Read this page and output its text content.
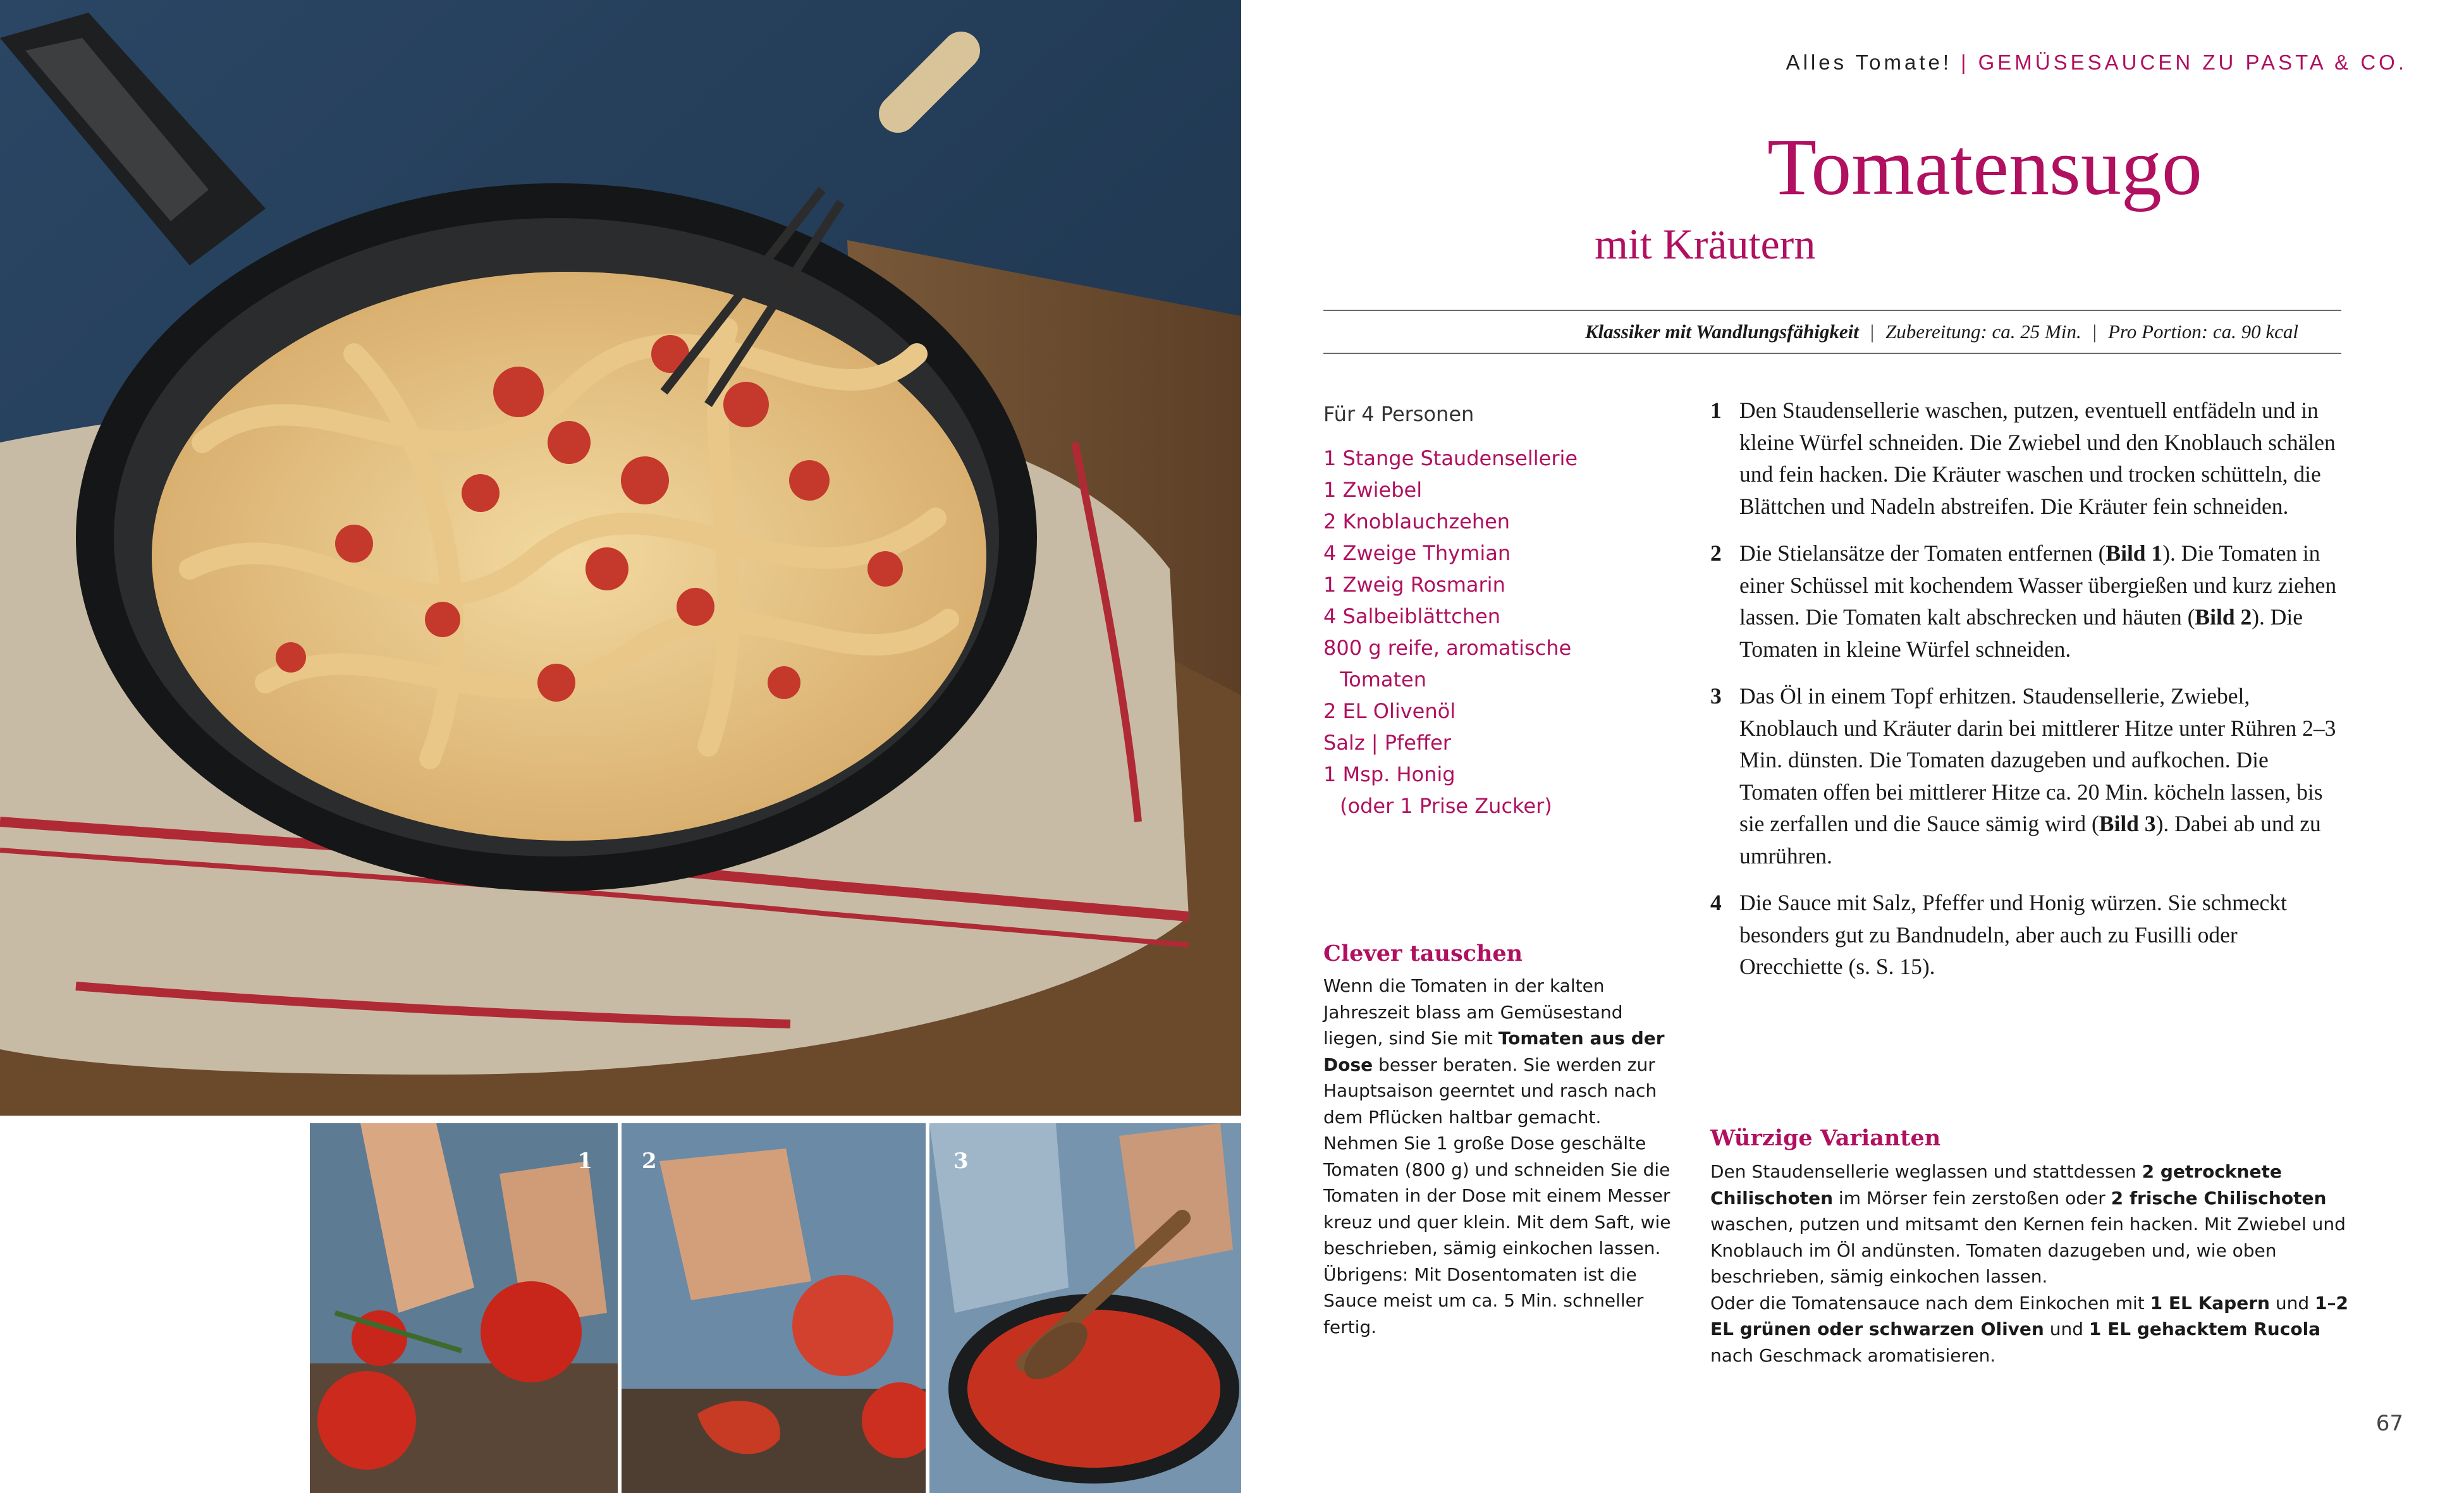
1 2	3
Alles Tomate! | GEMÜSESAUCEN ZU PASTA & CO.
Tomatensugo
mit Kräutern
Klassiker mit Wandlungsfähigkeit | Zubereitung: ca. 25 Min. | Pro Portion: ca. 90 kcal
Für 4 Personen
1 Stange Staudensellerie
1 Zwiebel
2 Knoblauchzehen
4 Zweige Thymian
1 Zweig Rosmarin
4 Salbeiblättchen
800 g reife, aromatische
Tomaten
2 EL Olivenöl
Salz | Pfeffer
1 Msp. Honig
(oder 1 Prise Zucker)
Clever tauschen
Wenn die Tomaten in der kalten Jahreszeit blass am Gemüsestand liegen, sind Sie mit Tomaten aus der Dose besser beraten. Sie werden zur Hauptsaison geerntet und rasch nach dem Pflücken haltbar gemacht. Nehmen Sie 1 große Dose geschälte Tomaten (800 g) und schneiden Sie die Tomaten in der Dose mit einem Messer kreuz und quer klein. Mit dem Saft, wie beschrieben, sämig einkochen lassen. Übrigens: Mit Dosentomaten ist die Sauce meist um ca. 5 Min. schneller fertig.
1 Den Staudensellerie waschen, putzen, eventuell entfädeln und in kleine Würfel schneiden. Die Zwiebel und den Knoblauch schälen und fein hacken. Die Kräuter waschen und trocken schütteln, die Blättchen und Nadeln abstreifen. Die Kräuter fein schneiden.
2 Die Stielansätze der Tomaten entfernen (Bild 1). Die Tomaten in einer Schüssel mit kochendem Wasser übergießen und kurz ziehen lassen. Die Tomaten kalt abschrecken und häuten (Bild 2). Die Tomaten in kleine Würfel schneiden.
3 Das Öl in einem Topf erhitzen. Staudensellerie, Zwiebel, Knoblauch und Kräuter darin bei mittlerer Hitze unter Rühren 2–3 Min. dünsten. Die Tomaten dazugeben und aufkochen. Die Tomaten offen bei mittlerer Hitze ca. 20 Min. köcheln lassen, bis sie zerfallen und die Sauce sämig wird (Bild 3). Dabei ab und zu umrühren.
4 Die Sauce mit Salz, Pfeffer und Honig würzen. Sie schmeckt besonders gut zu Bandnudeln, aber auch zu Fusilli oder Orecchiette (s. S. 15).
Würzige Varianten
Den Staudensellerie weglassen und stattdessen 2 getrocknete Chilischoten im Mörser fein zerstoßen oder 2 frische Chilischoten waschen, putzen und mitsamt den Kernen fein hacken. Mit Zwiebel und Knoblauch im Öl andünsten. Tomaten dazugeben und, wie oben beschrieben, sämig einkochen lassen.
Oder die Tomatensauce nach dem Einkochen mit 1 EL Kapern und 1–2 EL grünen oder schwarzen Oliven und 1 EL gehacktem Rucola nach Geschmack aromatisieren.
67
